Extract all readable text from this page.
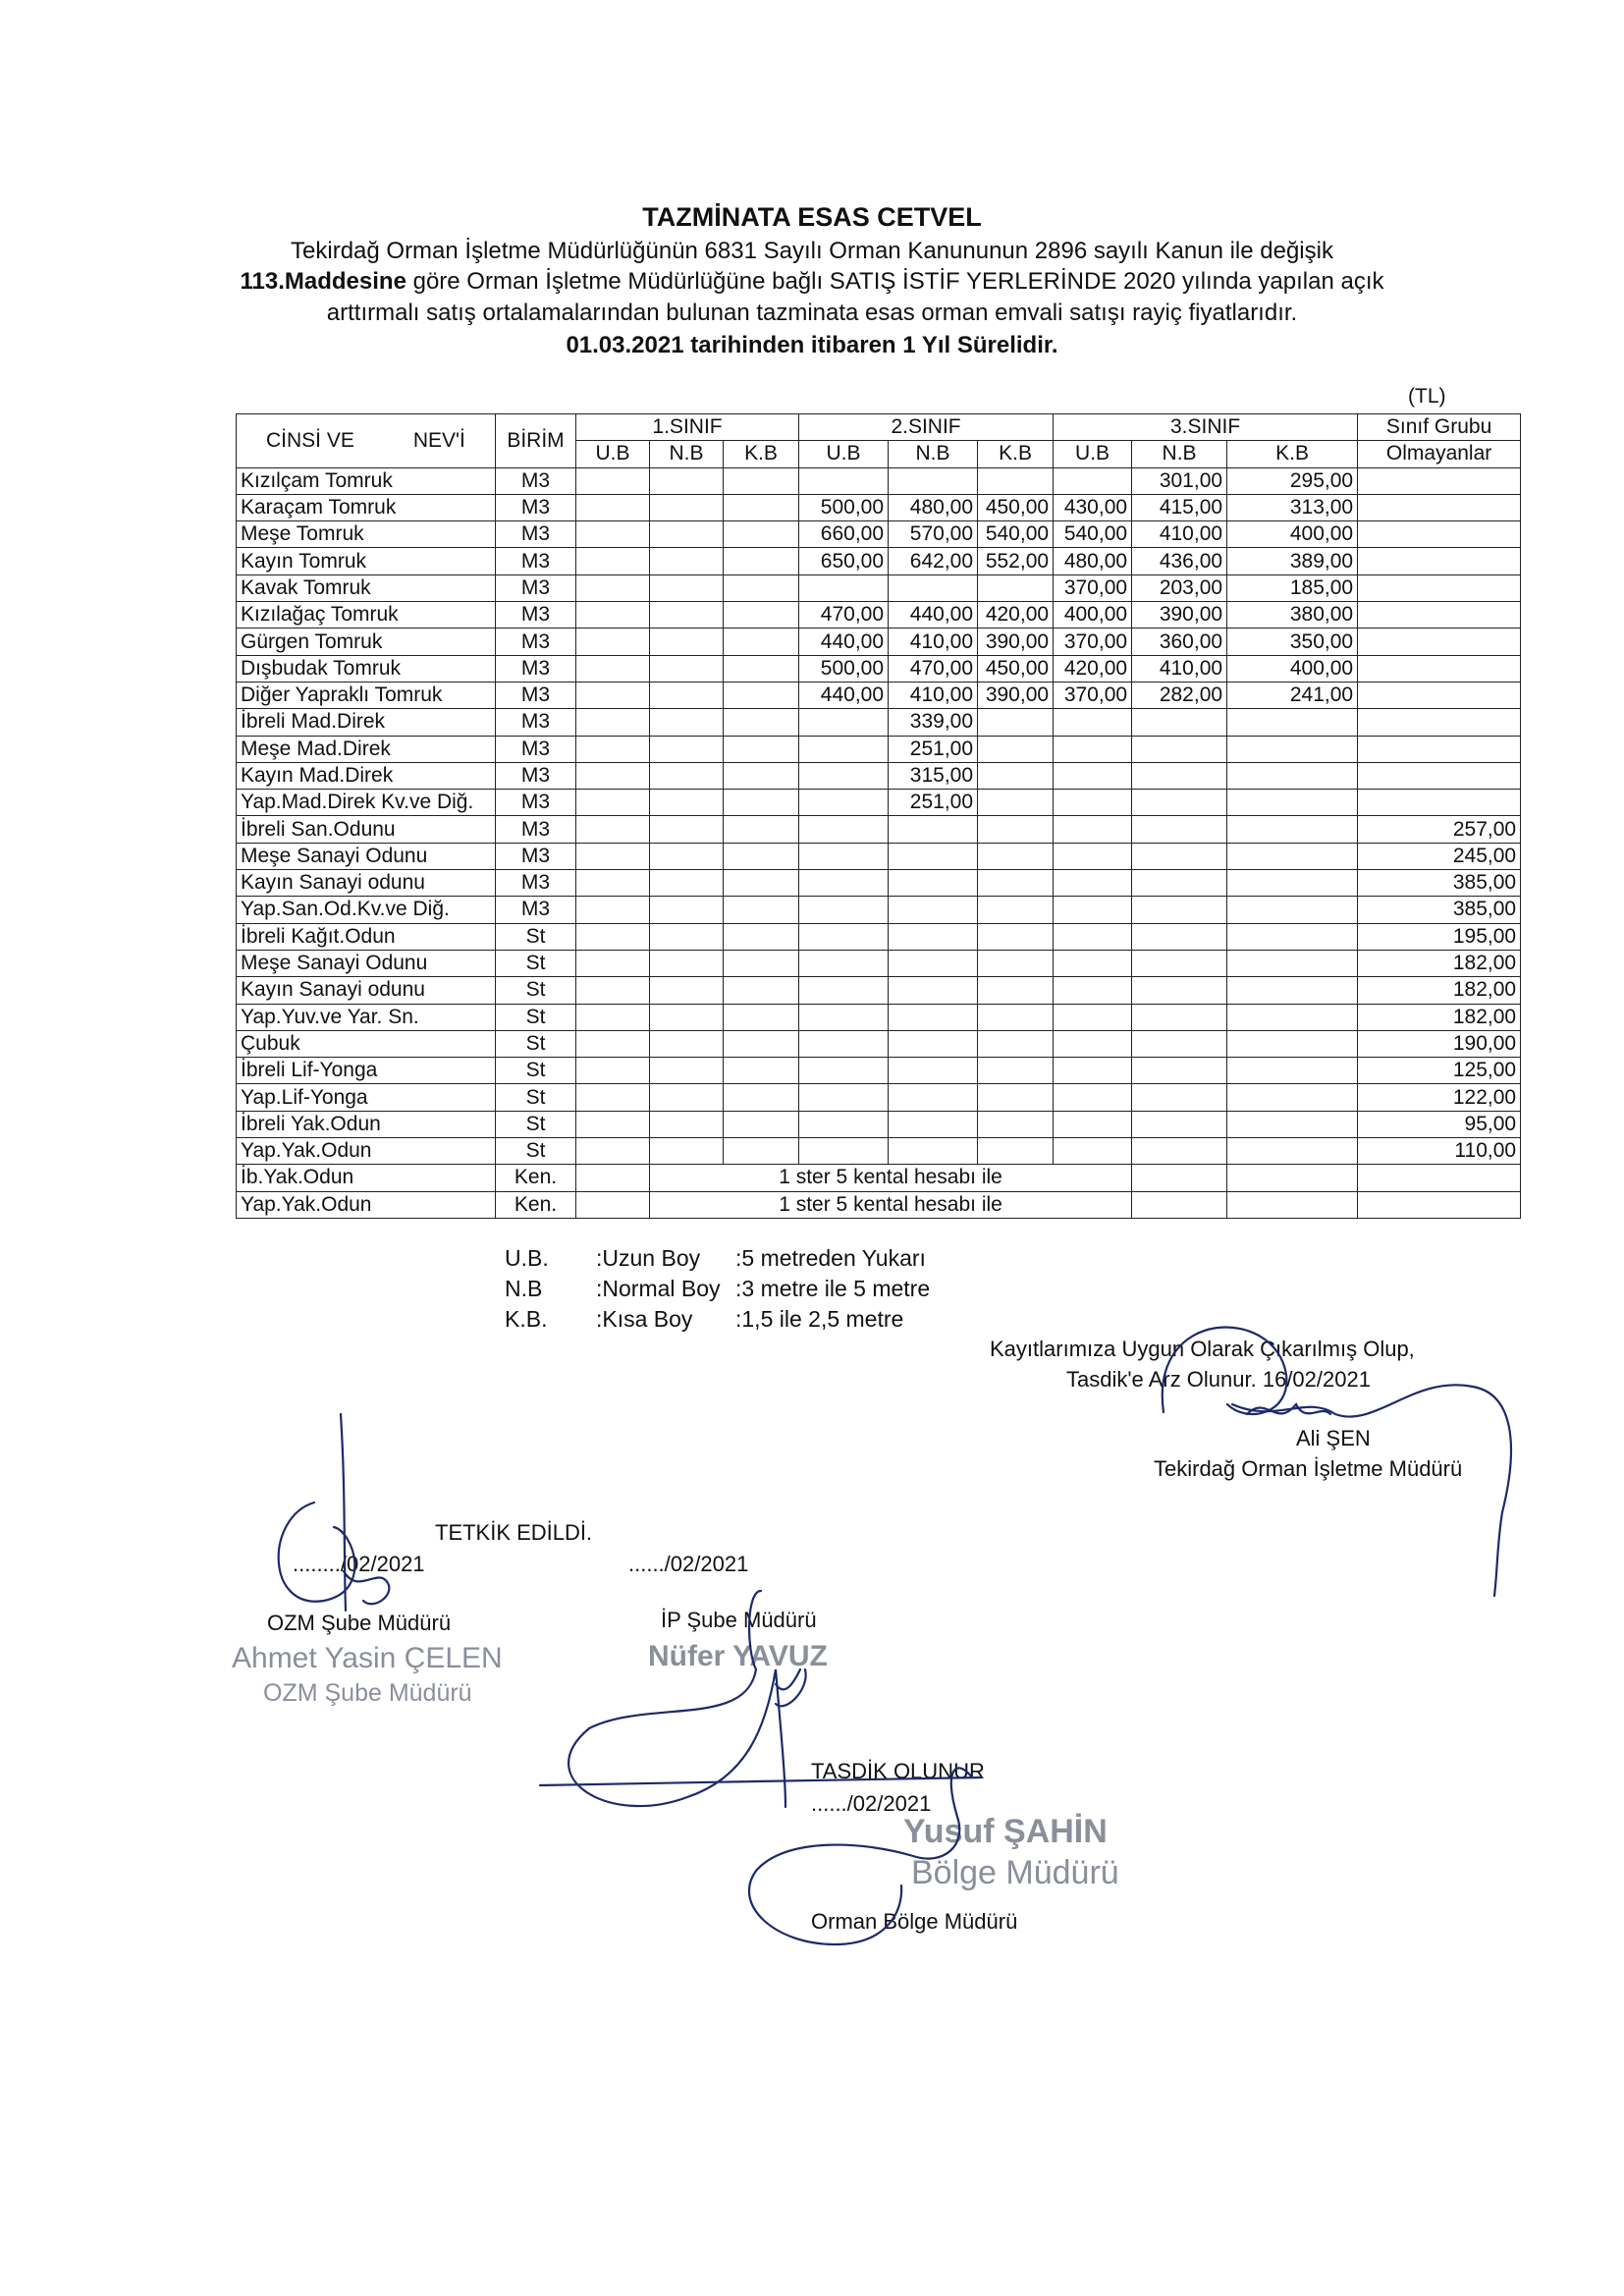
TAZMİNATA ESAS CETVEL
Tekirdağ Orman İşletme Müdürlüğünün 6831 Sayılı Orman Kanununun 2896 sayılı Kanun ile değişik
113.Maddesine göre Orman İşletme Müdürlüğüne bağlı SATIŞ İSTİF YERLERİNDE 2020 yılında yapılan açık
arttırmalı satış ortalamalarından bulunan tazminata esas orman emvali satışı rayiç fiyatlarıdır.
01.03.2021 tarihinden itibaren 1 Yıl Sürelidir.
(TL)
CİNSİ VE NEV'İ	BİRİM	1.SINIF			2.SINIF			3.SINIF			Sınıf Grubu	
		U.B	N.B	K.B	U.B	N.B	K.B	U.B	N.B	K.B	Olmayanlar	
Kızılçam Tomruk	M3								301,00	295,00		
Karaçam Tomruk	M3				500,00	480,00	450,00	430,00	415,00	313,00		
Meşe Tomruk	M3				660,00	570,00	540,00	540,00	410,00	400,00		
Kayın Tomruk	M3				650,00	642,00	552,00	480,00	436,00	389,00		
Kavak Tomruk	M3							370,00	203,00	185,00		
Kızılağaç Tomruk	M3				470,00	440,00	420,00	400,00	390,00	380,00		
Gürgen Tomruk	M3				440,00	410,00	390,00	370,00	360,00	350,00		
Dışbudak Tomruk	M3				500,00	470,00	450,00	420,00	410,00	400,00		
Diğer Yapraklı Tomruk	M3				440,00	410,00	390,00	370,00	282,00	241,00		
İbreli Mad.Direk	M3					339,00						
Meşe Mad.Direk	M3					251,00						
Kayın Mad.Direk	M3					315,00						
Yap.Mad.Direk Kv.ve Diğ.	M3					251,00						
İbreli San.Odunu	M3										257,00	
Meşe Sanayi Odunu	M3										245,00	
Kayın Sanayi odunu	M3										385,00	
Yap.San.Od.Kv.ve Diğ.	M3										385,00	
İbreli Kağıt.Odun	St										195,00	
Meşe Sanayi Odunu	St										182,00	
Kayın Sanayi odunu	St										182,00	
Yap.Yuv.ve Yar. Sn.	St										182,00	
Çubuk	St										190,00	
İbreli Lif-Yonga	St										125,00	
Yap.Lif-Yonga	St										122,00	
İbreli Yak.Odun	St										95,00	
Yap.Yak.Odun	St										110,00	
İb.Yak.Odun	Ken.		1 ster 5 kental hesabı ile				
Yap.Yak.Odun	Ken.		1 ster 5 kental hesabı ile				
U.B. :Uzun Boy :5 metreden Yukarı
N.B :Normal Boy :3 metre ile 5 metre
K.B. :Kısa Boy :1,5 ile 2,5 metre
Kayıtlarımıza Uygun Olarak Çıkarılmış Olup,
Tasdik'e Arz Olunur. 16/02/2021
Ali ŞEN
Tekirdağ Orman İşletme Müdürü
TETKİK EDİLDİ.
......../02/2021	....../02/2021
OZM Şube Müdürü
Ahmet Yasin ÇELEN
OZM Şube Müdürü
İP Şube Müdürü
Nüfer YAVUZ
TASDİK OLUNUR
....../02/2021
Yusuf ŞAHİN
Bölge Müdürü
Orman Bölge Müdürü
